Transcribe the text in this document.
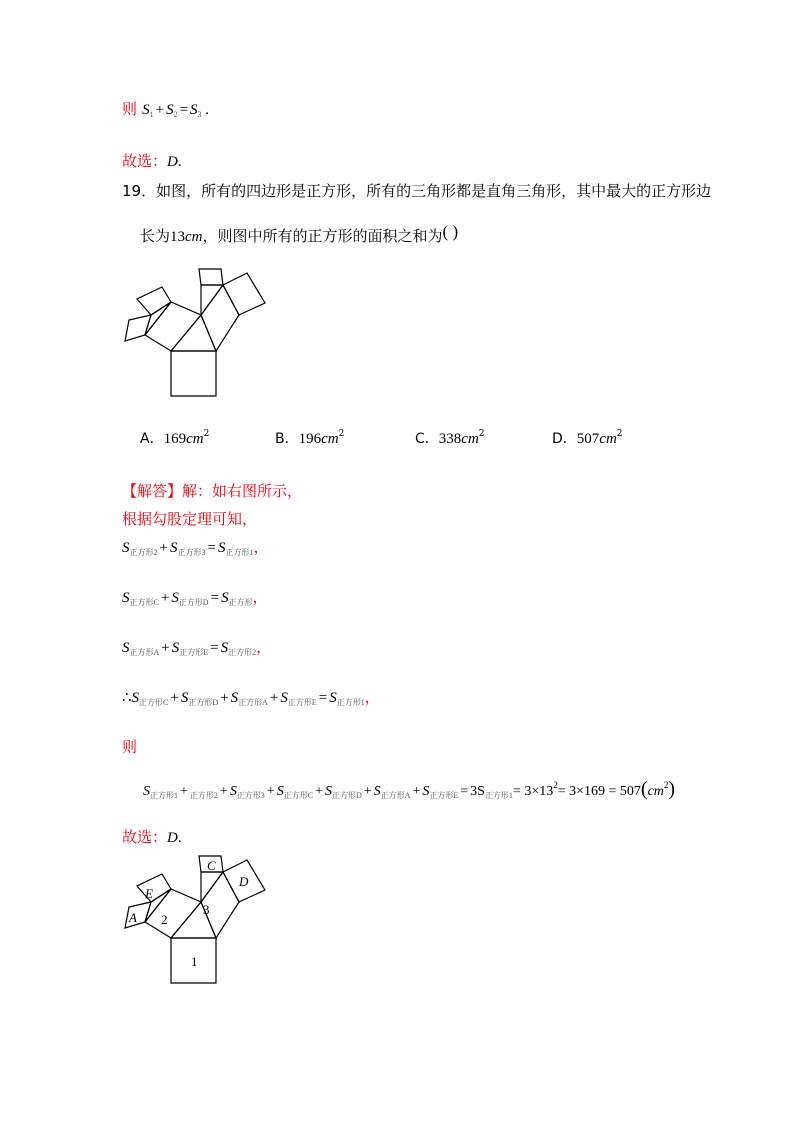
则 $S_1 + S_2 = S_3$ .
故选：D.
19．如图，所有的四边形是正方形，所有的三角形都是直角三角形，其中最大的正方形边
长为13cm，则图中所有的正方形的面积之和为( )
A．$169cm^2$	B．$196cm^2$	C．$338cm^2$	D．$507cm^2$
【解答】解：如右图所示，
根据勾股定理可知，
$S_{正方形2} + S_{正方形3} = S_{正方形1}$，
$S_{正方形C} + S_{正方形D} = S_{正方形}$，
$S_{正方形A} + S_{正方形E} = S_{正方形2}$，
$\therefore S_{正方形C} + S_{正方形D} + S_{正方形A} + S_{正方形E} = S_{正方形1}$，
则
$S_{正方形1} + _{正方形2} + S_{正方形3} + S_{正方形C} + S_{正方形D} + S_{正方形A} + S_{正方形E} = 3S_{正方形1}= 3\times 13^2= 3\times 169 = 507(cm^2)$
故选：D.
1
2
3
C
D
E
A
